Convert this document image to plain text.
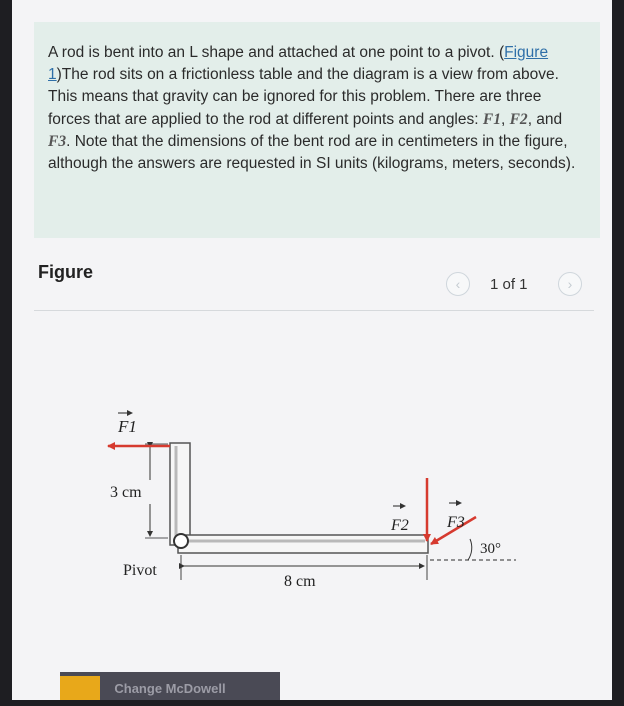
A rod is bent into an L shape and attached at one point to a pivot. (Figure 1)The rod sits on a frictionless table and the diagram is a view from above. This means that gravity can be ignored for this problem. There are three forces that are applied to the rod at different points and angles: F1, F2, and F3. Note that the dimensions of the bent rod are in centimeters in the figure, although the answers are requested in SI units (kilograms, meters, seconds).

Figure
‹	1 of 1	›
3 cm
8 cm
Pivot
F1
F2 F3
30°
Change McDowell
